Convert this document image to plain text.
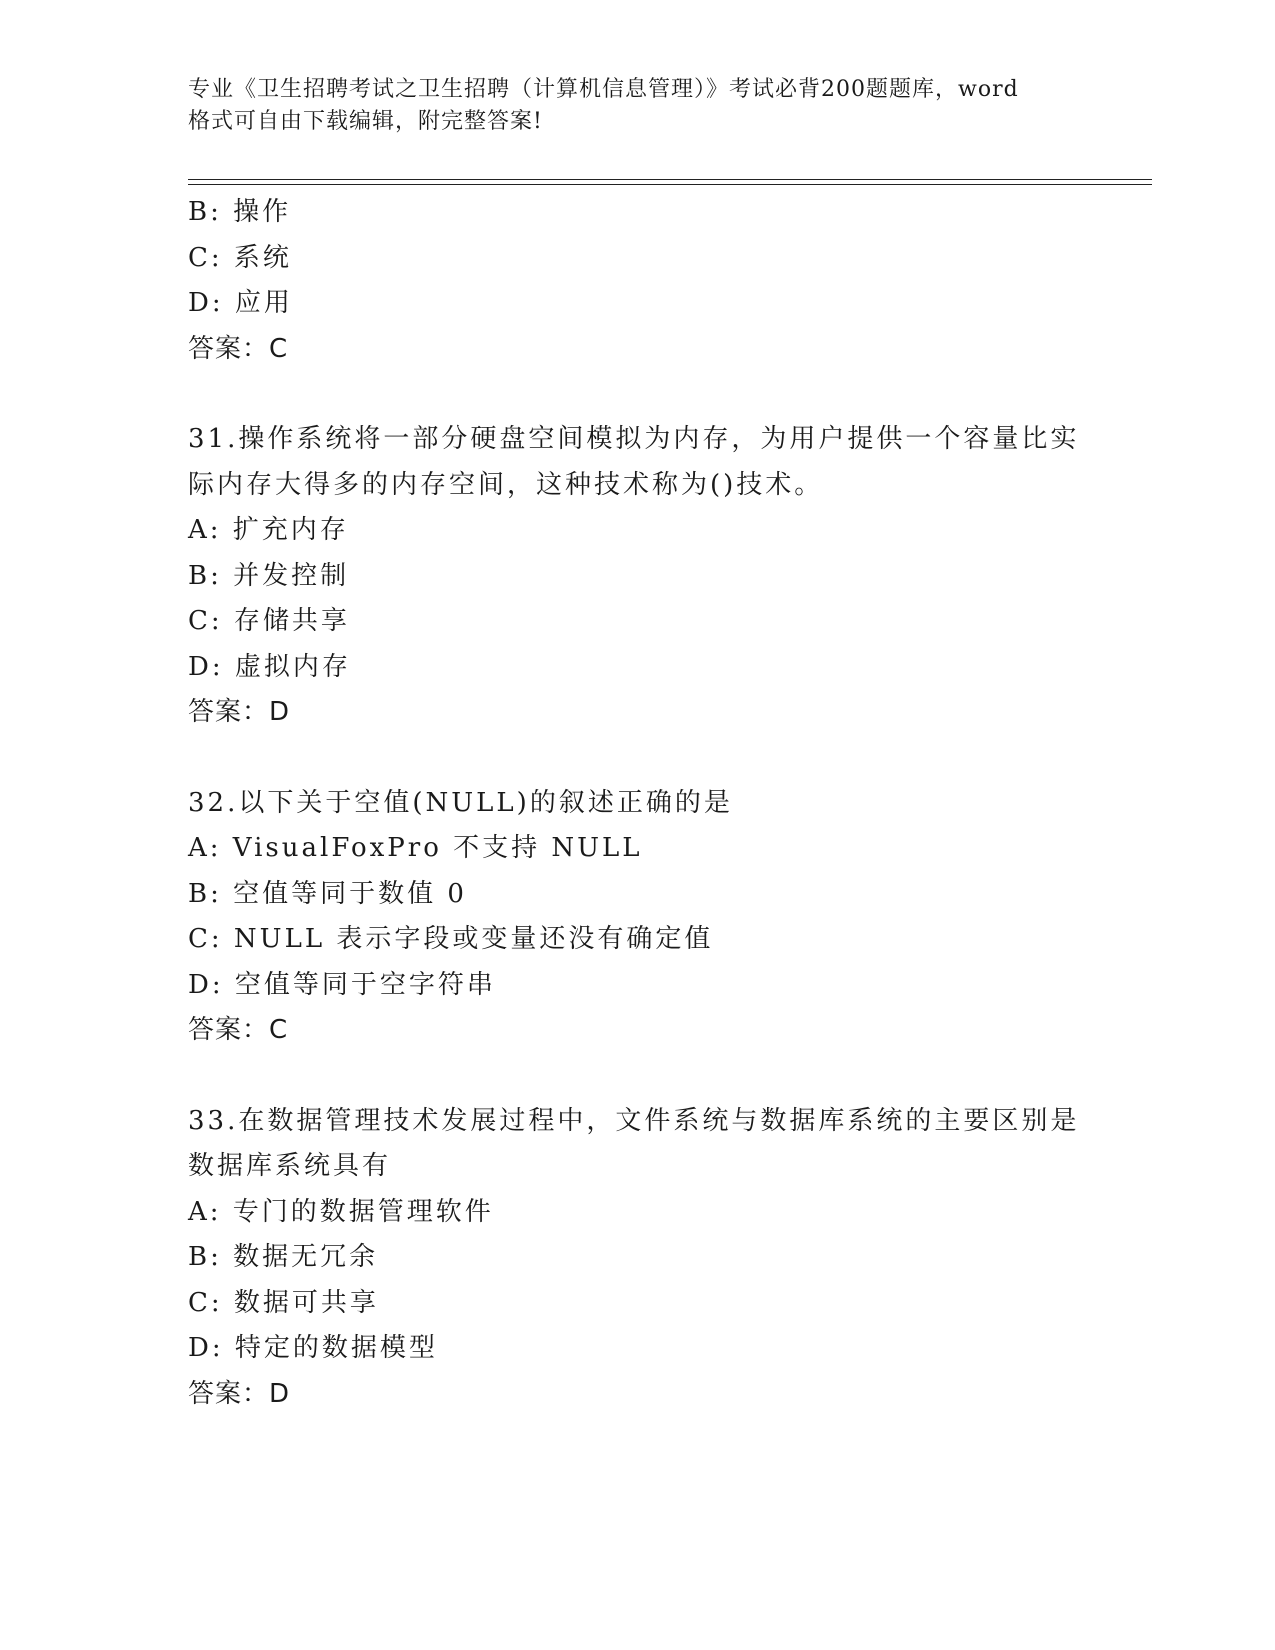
专业《卫生招聘考试之卫生招聘（计算机信息管理）》考试必背200题题库，word
格式可自由下载编辑，附完整答案!
B: 操作
C: 系统
D: 应用
答案：C
31.操作系统将一部分硬盘空间模拟为内存，为用户提供一个容量比实
际内存大得多的内存空间，这种技术称为()技术。
A: 扩充内存
B: 并发控制
C: 存储共享
D: 虚拟内存
答案：D
32.以下关于空值(NULL)的叙述正确的是
A: VisualFoxPro 不支持 NULL
B: 空值等同于数值 0
C: NULL 表示字段或变量还没有确定值
D: 空值等同于空字符串
答案：C
33.在数据管理技术发展过程中，文件系统与数据库系统的主要区别是
数据库系统具有
A: 专门的数据管理软件
B: 数据无冗余
C: 数据可共享
D: 特定的数据模型
答案：D
